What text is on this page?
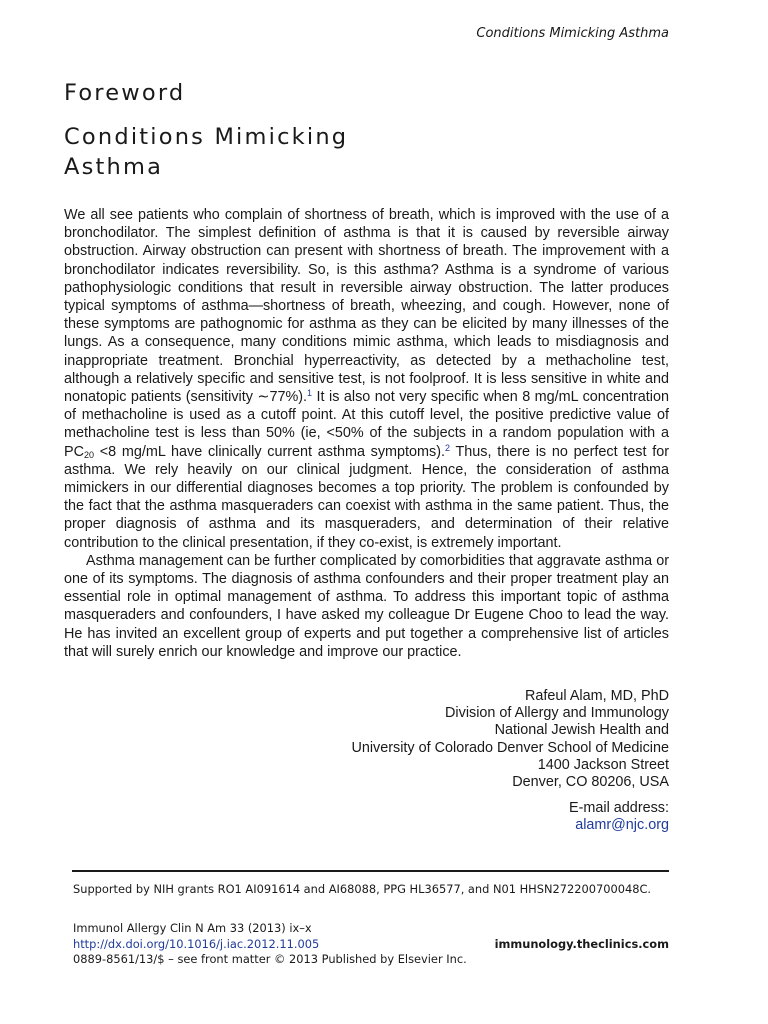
Conditions Mimicking Asthma
Foreword
Conditions Mimicking
Asthma

We all see patients who complain of shortness of breath, which is improved with the use of a bronchodilator. The simplest definition of asthma is that it is caused by reversible airway obstruction. Airway obstruction can present with shortness of breath. The improvement with a bronchodilator indicates reversibility. So, is this asthma? Asthma is a syndrome of various pathophysiologic conditions that result in reversible airway obstruction. The latter produces typical symptoms of asthma—shortness of breath, wheezing, and cough. However, none of these symptoms are pathognomic for asthma as they can be elicited by many illnesses of the lungs. As a consequence, many conditions mimic asthma, which leads to misdiagnosis and inappropriate treatment. Bronchial hyperreactivity, as detected by a methacholine test, although a relatively specific and sensitive test, is not foolproof. It is less sensitive in white and nonatopic patients (sensitivity ∼77%).$^1$ It is also not very specific when 8 mg/mL concentration of methacholine is used as a cutoff point. At this cutoff level, the positive predictive value of methacholine test is less than 50% (ie, <50% of the subjects in a random population with a $PC_{20} <8$ mg/mL have clinically current asthma symptoms).$^2$ Thus, there is no perfect test for asthma. We rely heavily on our clinical judgment. Hence, the consideration of asthma mimickers in our differential diagnoses becomes a top priority. The problem is confounded by the fact that the asthma masqueraders can coexist with asthma in the same patient. Thus, the proper diagnosis of asthma and its masqueraders, and determination of their relative contribution to the clinical presentation, if they co-exist, is extremely important.

Asthma management can be further complicated by comorbidities that aggravate asthma or one of its symptoms. The diagnosis of asthma confounders and their proper treatment play an essential role in optimal management of asthma. To address this important topic of asthma masqueraders and confounders, I have asked my colleague Dr Eugene Choo to lead the way. He has invited an excellent group of experts and put together a comprehensive list of articles that will surely enrich our knowledge and improve our practice.

Rafeul Alam, MD, PhD
Division of Allergy and Immunology
National Jewish Health and
University of Colorado Denver School of Medicine
1400 Jackson Street
Denver, CO 80206, USA
E-mail address:
alamr@njc.org
Supported by NIH grants RO1 AI091614 and AI68088, PPG HL36577, and N01 HHSN272200700048C.
Immunol Allergy Clin N Am 33 (2013) ix–x
http://dx.doi.org/10.1016/j.iac.2012.11.005	immunology.theclinics.com
0889-8561/13/$ – see front matter © 2013 Published by Elsevier Inc.
